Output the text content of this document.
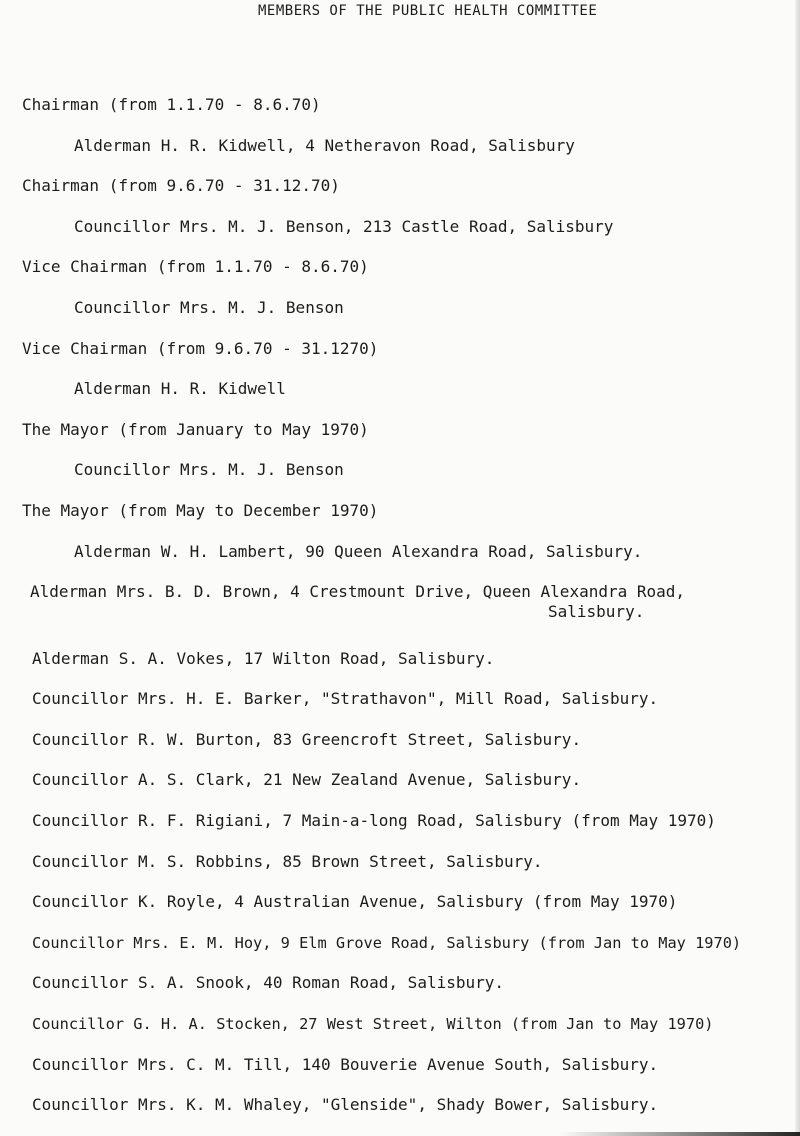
MEMBERS OF THE PUBLIC HEALTH COMMITTEE
Chairman (from 1.1.70 - 8.6.70)
Alderman H. R. Kidwell, 4 Netheravon Road, Salisbury
Chairman (from 9.6.70 - 31.12.70)
Councillor Mrs. M. J. Benson, 213 Castle Road, Salisbury
Vice Chairman (from 1.1.70 - 8.6.70)
Councillor Mrs. M. J. Benson
Vice Chairman (from 9.6.70 - 31.1270)
Alderman H. R. Kidwell
The Mayor (from January to May 1970)
Councillor Mrs. M. J. Benson
The Mayor (from May to December 1970)
Alderman W. H. Lambert, 90 Queen Alexandra Road, Salisbury.
Alderman Mrs. B. D. Brown, 4 Crestmount Drive, Queen Alexandra Road,
Salisbury.
Alderman S. A. Vokes, 17 Wilton Road, Salisbury.
Councillor Mrs. H. E. Barker, "Strathavon", Mill Road, Salisbury.
Councillor R. W. Burton, 83 Greencroft Street, Salisbury.
Councillor A. S. Clark, 21 New Zealand Avenue, Salisbury.
Councillor R. F. Rigiani, 7 Main-a-long Road, Salisbury (from May 1970)
Councillor M. S. Robbins, 85 Brown Street, Salisbury.
Councillor K. Royle, 4 Australian Avenue, Salisbury (from May 1970)
Councillor Mrs. E. M. Hoy, 9 Elm Grove Road, Salisbury (from Jan to May 1970)
Councillor S. A. Snook, 40 Roman Road, Salisbury.
Councillor G. H. A. Stocken, 27 West Street, Wilton (from Jan to May 1970)
Councillor Mrs. C. M. Till, 140 Bouverie Avenue South, Salisbury.
Councillor Mrs. K. M. Whaley, "Glenside", Shady Bower, Salisbury.
